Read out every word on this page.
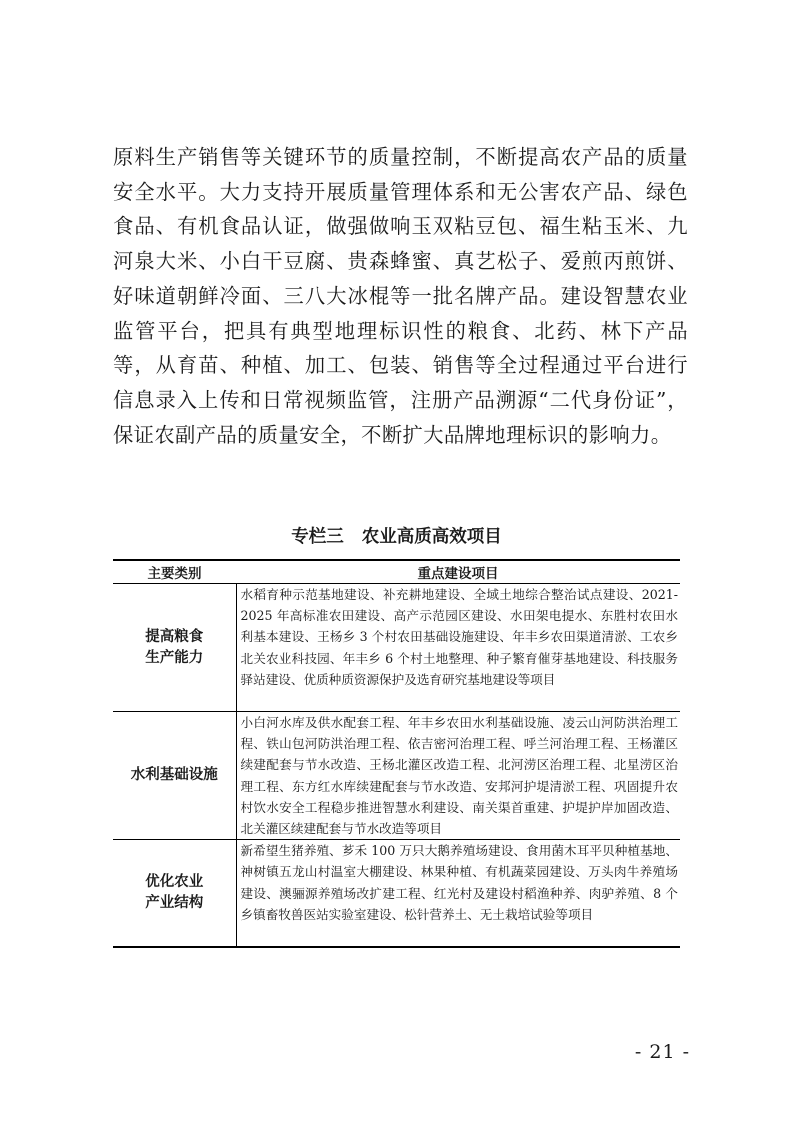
原料生产销售等关键环节的质量控制，不断提高农产品的质量安全水平。大力支持开展质量管理体系和无公害农产品、绿色食品、有机食品认证，做强做响玉双粘豆包、福生粘玉米、九河泉大米、小白干豆腐、贵森蜂蜜、真艺松子、爱煎丙煎饼、好味道朝鲜冷面、三八大冰棍等一批名牌产品。建设智慧农业监管平台，把具有典型地理标识性的粮食、北药、林下产品等，从育苗、种植、加工、包装、销售等全过程通过平台进行信息录入上传和日常视频监管，注册产品溯源“二代身份证”，保证农副产品的质量安全，不断扩大品牌地理标识的影响力。

专栏三 农业高质高效项目
主要类别	重点建设项目

提高粮食
生产能力	水稻育种示范基地建设、补充耕地建设、全域土地综合整治试点建设、2021-2025 年高标准农田建设、高产示范园区建设、水田架电提水、东胜村农田水利基本建设、王杨乡 3 个村农田基础设施建设、年丰乡农田渠道清淤、工农乡北关农业科技园、年丰乡 6 个村土地整理、种子繁育催芽基地建设、科技服务驿站建设、优质种质资源保护及选育研究基地建设等项目

水利基础设施	小白河水库及供水配套工程、年丰乡农田水利基础设施、凌云山河防洪治理工程、铁山包河防洪治理工程、依吉密河治理工程、呼兰河治理工程、王杨灌区续建配套与节水改造、王杨北灌区改造工程、北河涝区治理工程、北星涝区治理工程、东方红水库续建配套与节水改造、安邦河护堤清淤工程、巩固提升农村饮水安全工程稳步推进智慧水利建设、南关渠首重建、护堤护岸加固改造、北关灌区续建配套与节水改造等项目

优化农业
产业结构	新希望生猪养殖、芗禾 100 万只大鹅养殖场建设、食用菌木耳平贝种植基地、神树镇五龙山村温室大棚建设、林果种植、有机蔬菜园建设、万头肉牛养殖场建设、澳骊源养殖场改扩建工程、红光村及建设村稻渔种养、肉驴养殖、8 个乡镇畜牧兽医站实验室建设、松针营养土、无土栽培试验等项目

- 21 -
